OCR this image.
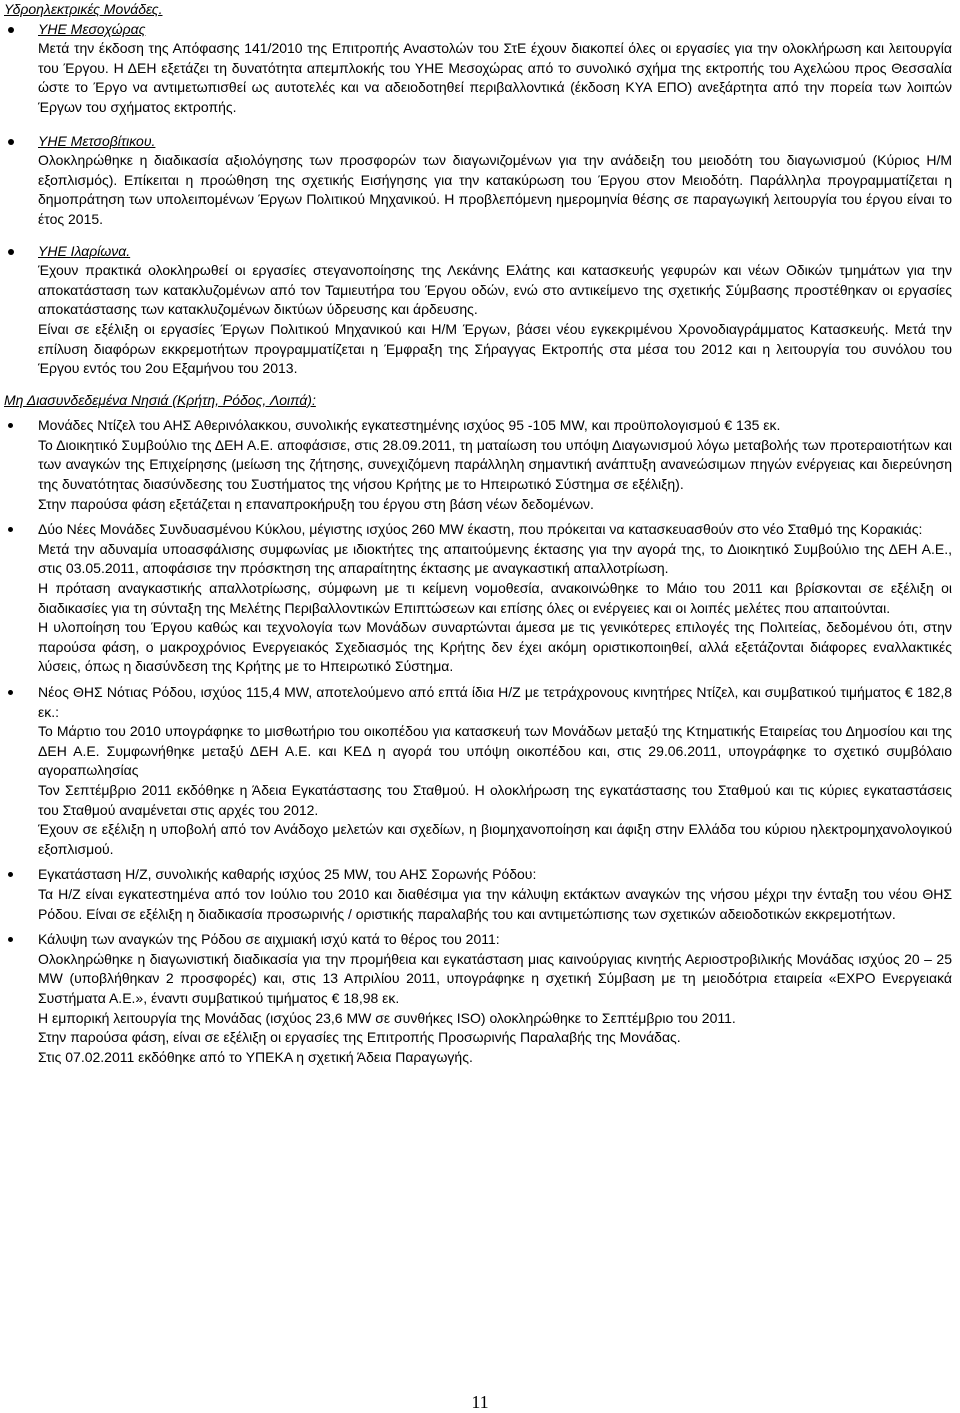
Υδροηλεκτρικές Μονάδες.

ΥΗΕ Μεσοχώρας

Μετά την έκδοση της Απόφασης 141/2010 της Επιτροπής Αναστολών του ΣτΕ έχουν διακοπεί όλες οι εργασίες για την ολοκλήρωση και λειτουργία του Έργου. Η ΔΕΗ εξετάζει τη δυνατότητα απεμπλοκής του ΥΗΕ Μεσοχώρας από το συνολικό σχήμα της εκτροπής του Αχελώου προς Θεσσαλία ώστε το Έργο να αντιμετωπισθεί ως αυτοτελές και να αδειοδοτηθεί περιβαλλοντικά (έκδοση ΚΥΑ ΕΠΟ) ανεξάρτητα από την πορεία των λοιπών Έργων του σχήματος εκτροπής.

ΥΗΕ Μετσοβίτικου.

Ολοκληρώθηκε η διαδικασία αξιολόγησης των προσφορών των διαγωνιζομένων για την ανάδειξη του μειοδότη του διαγωνισμού (Κύριος Η/Μ εξοπλισμός). Επίκειται η προώθηση της σχετικής Εισήγησης για την κατακύρωση του Έργου στον Μειοδότη. Παράλληλα προγραμματίζεται η δημοπράτηση των υπολειπομένων Έργων Πολιτικού Μηχανικού. Η προβλεπόμενη ημερομηνία θέσης σε παραγωγική λειτουργία του έργου είναι το έτος 2015.

ΥΗΕ Ιλαρίωνα.

Έχουν πρακτικά ολοκληρωθεί οι εργασίες στεγανοποίησης της Λεκάνης Ελάτης και κατασκευής γεφυρών και νέων Οδικών τμημάτων για την αποκατάσταση των κατακλυζομένων από τον Ταμιευτήρα του Έργου οδών, ενώ στο αντικείμενο της σχετικής Σύμβασης προστέθηκαν οι εργασίες αποκατάστασης των κατακλυζομένων δικτύων ύδρευσης και άρδευσης.

Είναι σε εξέλιξη οι εργασίες Έργων Πολιτικού Μηχανικού και Η/Μ Έργων, βάσει νέου εγκεκριμένου Χρονοδιαγράμματος Κατασκευής. Μετά την επίλυση διαφόρων εκκρεμοτήτων προγραμματίζεται η Έμφραξη της Σήραγγας Εκτροπής στα μέσα του 2012 και η λειτουργία του συνόλου του Έργου εντός του 2ου Εξαμήνου του 2013.

Μη Διασυνδεδεμένα Νησιά (Κρήτη, Ρόδος, Λοιπά):

Μονάδες Ντίζελ του ΑΗΣ Αθερινόλακκου, συνολικής εγκατεστημένης ισχύος 95 -105 MW, και προϋπολογισμού € 135 εκ.

Το Διοικητικό Συμβούλιο της ΔΕΗ Α.Ε. αποφάσισε, στις 28.09.2011, τη ματαίωση του υπόψη Διαγωνισμού λόγω μεταβολής των προτεραιοτήτων και των αναγκών της Επιχείρησης (μείωση της ζήτησης, συνεχιζόμενη παράλληλη σημαντική ανάπτυξη ανανεώσιμων πηγών ενέργειας και διερεύνηση της δυνατότητας διασύνδεσης του Συστήματος της νήσου Κρήτης με το Ηπειρωτικό Σύστημα σε εξέλιξη).

Στην παρούσα φάση εξετάζεται η επαναπροκήρυξη του έργου στη βάση νέων δεδομένων.

Δύο Νέες Μονάδες Συνδυασμένου Κύκλου, μέγιστης ισχύος 260 MW έκαστη, που πρόκειται να κατασκευασθούν στο νέο Σταθμό της Κορακιάς:

Μετά την αδυναμία υποασφάλισης συμφωνίας με ιδιοκτήτες της απαιτούμενης έκτασης για την αγορά της, το Διοικητικό Συμβούλιο της ΔΕΗ Α.Ε., στις 03.05.2011, αποφάσισε την πρόσκτηση της απαραίτητης έκτασης με αναγκαστική απαλλοτρίωση.

Η πρόταση αναγκαστικής απαλλοτρίωσης, σύμφωνη με τι κείμενη νομοθεσία, ανακοινώθηκε το Μάιο του 2011 και βρίσκονται σε εξέλιξη οι διαδικασίες για τη σύνταξη της Μελέτης Περιβαλλοντικών Επιπτώσεων και επίσης όλες οι ενέργειες και οι λοιπές μελέτες που απαιτούνται.

Η υλοποίηση του Έργου καθώς και τεχνολογία των Μονάδων συναρτώνται άμεσα με τις γενικότερες επιλογές της Πολιτείας, δεδομένου ότι, στην παρούσα φάση, ο μακροχρόνιος Ενεργειακός Σχεδιασμός της Κρήτης δεν έχει ακόμη οριστικοποιηθεί, αλλά εξετάζονται διάφορες εναλλακτικές λύσεις, όπως η διασύνδεση της Κρήτης με το Ηπειρωτικό Σύστημα.

Νέος ΘΗΣ Νότιας Ρόδου, ισχύος 115,4 MW, αποτελούμενο από επτά ίδια Η/Ζ με τετράχρονους κινητήρες Ντίζελ, και συμβατικού τιμήματος € 182,8 εκ.:

Το Μάρτιο του 2010 υπογράφηκε το μισθωτήριο του οικοπέδου για κατασκευή των Μονάδων μεταξύ της Κτηματικής Εταιρείας του Δημοσίου και της ΔΕΗ Α.Ε. Συμφωνήθηκε μεταξύ ΔΕΗ Α.Ε. και ΚΕΔ η αγορά του υπόψη οικοπέδου και, στις 29.06.2011, υπογράφηκε το σχετικό συμβόλαιο αγοραπωλησίας

Τον Σεπτέμβριο 2011 εκδόθηκε η Άδεια Εγκατάστασης του Σταθμού. Η ολοκλήρωση της εγκατάστασης του Σταθμού και τις κύριες εγκαταστάσεις του Σταθμού αναμένεται στις αρχές του 2012.

Έχουν σε εξέλιξη η υποβολή από τον Ανάδοχο μελετών και σχεδίων, η βιομηχανοποίηση και άφιξη στην Ελλάδα του κύριου ηλεκτρομηχανολογικού εξοπλισμού.

Εγκατάσταση Η/Ζ, συνολικής καθαρής ισχύος 25 MW, του ΑΗΣ Σορωνής Ρόδου:

Τα Η/Ζ είναι εγκατεστημένα από τον Ιούλιο του 2010 και διαθέσιμα για την κάλυψη εκτάκτων αναγκών της νήσου μέχρι την ένταξη του νέου ΘΗΣ Ρόδου. Είναι σε εξέλιξη η διαδικασία προσωρινής / οριστικής παραλαβής του και αντιμετώπισης των σχετικών αδειοδοτικών εκκρεμοτήτων.

Κάλυψη των αναγκών της Ρόδου σε αιχμιακή ισχύ κατά το θέρος του 2011:

Ολοκληρώθηκε η διαγωνιστική διαδικασία για την προμήθεια και εγκατάσταση μιας καινούργιας κινητής Αεριοστροβιλικής Μονάδας ισχύος 20 – 25 MW (υποβλήθηκαν 2 προσφορές) και, στις 13 Απριλίου 2011, υπογράφηκε η σχετική Σύμβαση με τη μειοδότρια εταιρεία «EXPO Ενεργειακά Συστήματα Α.Ε.», έναντι συμβατικού τιμήματος € 18,98 εκ.

Η εμπορική λειτουργία της Μονάδας (ισχύος 23,6 MW σε συνθήκες ISO) ολοκληρώθηκε το Σεπτέμβριο του 2011.

Στην παρούσα φάση, είναι σε εξέλιξη οι εργασίες της Επιτροπής Προσωρινής Παραλαβής της Μονάδας.

Στις 07.02.2011 εκδόθηκε από το ΥΠΕΚΑ η σχετική Άδεια Παραγωγής.

11
